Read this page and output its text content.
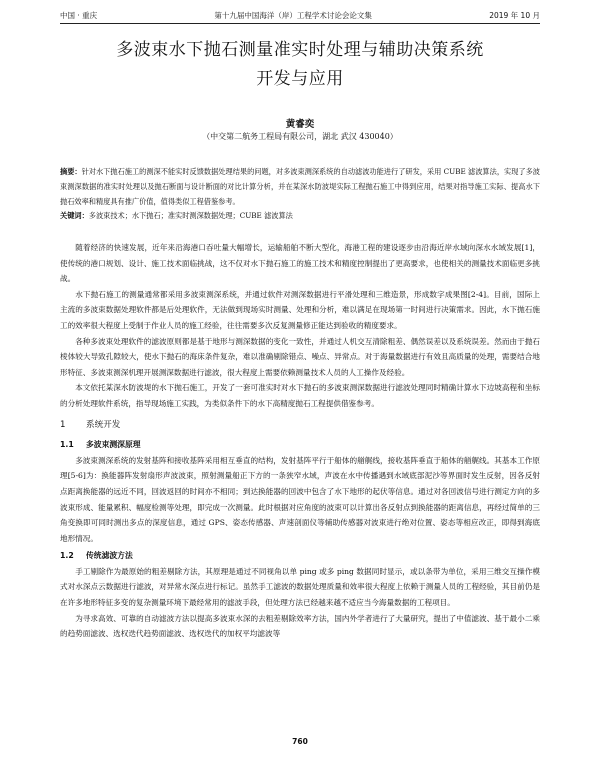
中国 · 重庆	第十九届中国海洋（岸）工程学术讨论会论文集	2019 年 10 月
多波束水下抛石测量准实时处理与辅助决策系统
开发与应用
黄睿奕
（中交第二航务工程局有限公司，湖北 武汉 430040）
摘要：针对水下抛石施工的测深不能实时反馈数据处理结果的问题，对多波束测深系统的自动滤波功能进行了研发，采用 CUBE 滤波算法，实现了多波束测深数据的准实时处理以及抛石断面与设计断面的对比计算分析，并在某深水防波堤实际工程抛石施工中得到应用，结果对指导施工实际、提高水下抛石效率和精度具有推广价值，值得类似工程借鉴参考。
关键词：多波束技术；水下抛石；准实时测深数据处理；CUBE 滤波算法

随着经济的快速发展，近年来沿海港口吞吐量大幅增长，运输船舶不断大型化，海港工程的建设逐步由沿海近岸水域向深水水域发展[1]，使传统的港口规划、设计、施工技术面临挑战，这不仅对水下抛石施工的施工技术和精度控制提出了更高要求，也使相关的测量技术面临更多挑战。

水下抛石施工的测量通常都采用多波束测深系统，并通过软件对测深数据进行平滑处理和三维造景，形成数字成果图[2-4]。目前，国际上主流的多波束数据处理软件都是后处理软件，无法做到现场实时测量、处理和分析，难以满足在现场第一时间进行决策需求。因此，水下抛石施工的效率很大程度上受制于作业人员的施工经验，往往需要多次反复测量修正能达到验收的精度要求。

各种多波束处理软件的滤波原则都是基于地形与测深数据的变化一致性，并通过人机交互清除粗差、偶然误差以及系统误差。然而由于抛石棱体较大导致孔隙较大，使水下抛石的海床条件复杂，难以准确剔除错点、噪点、异常点。对于海量数据进行有效且高质量的处理，需要结合地形特征、多波束测深机理开展测深数据进行滤波，很大程度上需要依赖测量技术人员的人工操作及经验。

本文依托某深水防波堤的水下抛石施工，开发了一套可准实时对水下抛石的多波束测深数据进行滤波处理同时精确计算水下边坡高程和坐标的分析处理软件系统，指导现场施工实践，为类似条件下的水下高精度抛石工程提供借鉴参考。

1 系统开发
1.1 多波束测深原理

多波束测深系统的发射基阵和接收基阵采用相互垂直的结构，发射基阵平行于船体的艏艉线，接收基阵垂直于船体的艏艉线。其基本工作原理[5-6]为：换能器阵发射扇形声波波束，照射测量船正下方的一条狭窄水域，声波在水中传播遇到水域底部泥沙等界面时发生反射，因各反射点距离换能器的远近不同，回波返回的时间亦不相同；到达换能器的回波中包含了水下地形的起伏等信息。通过对各回波信号进行测定方向的多波束形成、能量累积、幅度检测等处理，即完成一次测量。此时根据对应角度的波束可以计算出各反射点到换能器的距离信息，再经过简单的三角变换即可同时测出多点的深度信息，通过 GPS、姿态传感器、声速剖面仪等辅助传感器对波束进行绝对位置、姿态等相应改正，即得到海底地形情况。

1.2 传统滤波方法

手工剔除作为最原始的粗差剔除方法，其原理是通过不同视角以单 ping 或多 ping 数据同时显示，或以条带为单位，采用三维交互操作模式对水深点云数据进行滤波，对异常水深点进行标记。虽然手工滤波的数据处理质量和效率很大程度上依赖于测量人员的工程经验，其目前仍是在许多地形特征多变的复杂测量环境下最经常用的滤波手段，但处理方法已经越来越不适应当今海量数据的工程项目。

为寻求高效、可靠的自动滤波方法以提高多波束水深的去粗差剔除效率方法，国内外学者进行了大量研究，提出了中值滤波、基于最小二乘的趋势面滤波、选权迭代趋势面滤波、选权迭代的加权平均滤波等

760
